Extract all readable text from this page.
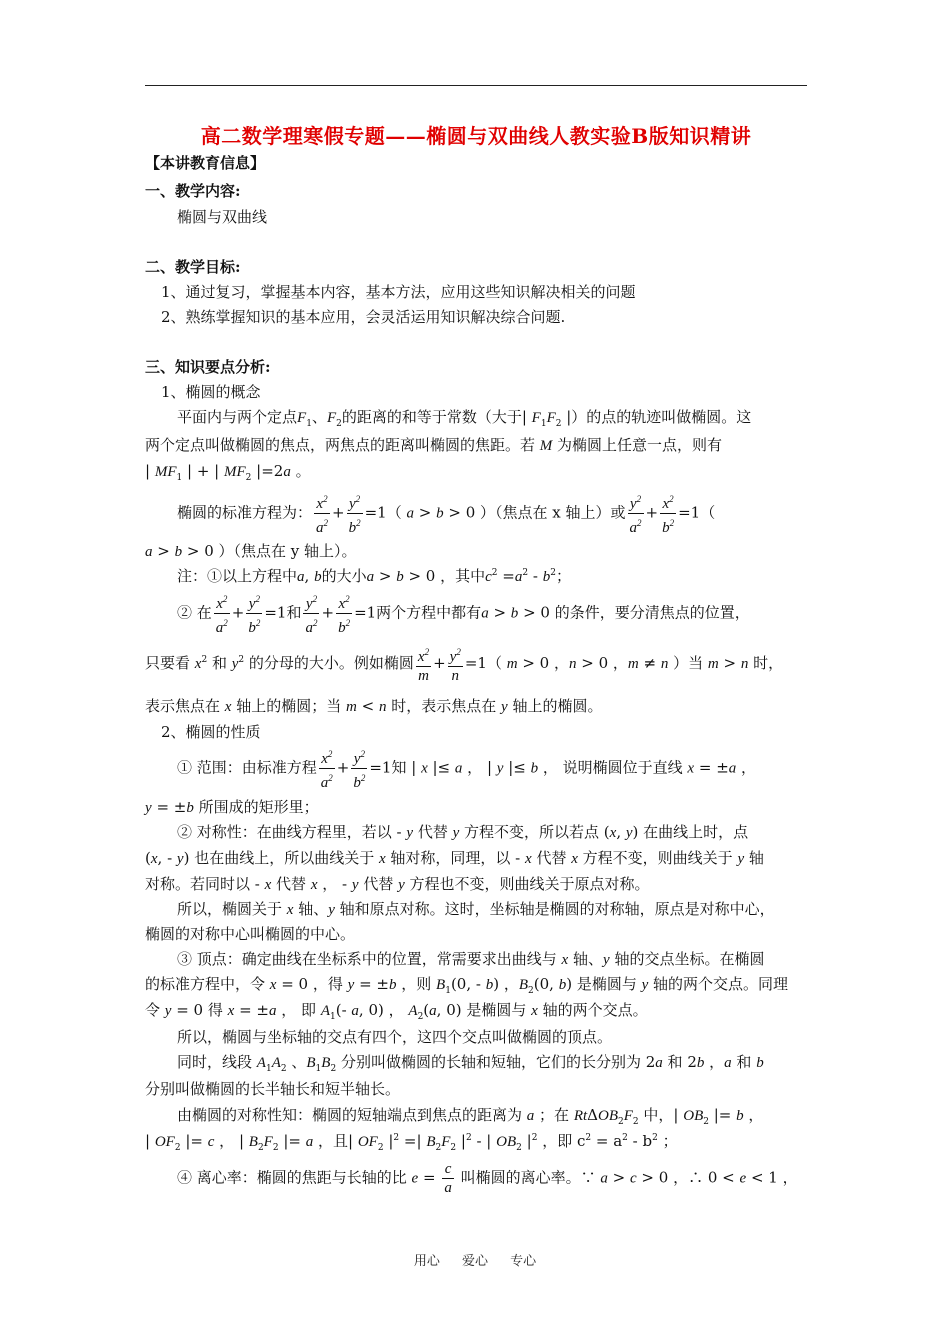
高二数学理寒假专题——椭圆与双曲线人教实验B版知识精讲
【本讲教育信息】
一、教学内容:
椭圆与双曲线
二、教学目标:
1、通过复习，掌握基本内容，基本方法，应用这些知识解决相关的问题
2、熟练掌握知识的基本应用，会灵活运用知识解决综合问题.
三、知识要点分析:
1、椭圆的概念
平面内与两个定点$F_1$、$F_2$的距离的和等于常数（大于| $F_1F_2$ |）的点的轨迹叫做椭圆。这
两个定点叫做椭圆的焦点，两焦点的距离叫椭圆的焦距。若 M 为椭圆上任意一点，则有
| $MF_1$ | + | $MF_2$ |=2a 。
椭圆的标准方程为： $\frac{x^2}{a^2} + \frac{y^2}{b^2} =1$（ a > b > 0 ）（焦点在 x 轴上）或 $\frac{y^2}{a^2} + \frac{x^2}{b^2} =1$（
a > b > 0 ）（焦点在 y 轴上）。
注：①以上方程中a, b的大小a > b > 0 ，其中$c^2 =a^2 - b^2$；
② 在 $\frac{x^2}{a^2} + \frac{y^2}{b^2} =1$和 $\frac{y^2}{a^2} + \frac{x^2}{b^2} =1$两个方程中都有a > b > 0 的条件，要分清焦点的位置，
只要看 $x^2$ 和 $y^2$ 的分母的大小。例如椭圆 $\frac{x^2}{m} + \frac{y^2}{n} =1$（ m > 0 ，n > 0 ，m ≠ n ）当 m > n 时，
表示焦点在 x 轴上的椭圆；当 m < n 时，表示焦点在 y 轴上的椭圆。
2、椭圆的性质
① 范围：由标准方程 $\frac{x^2}{a^2} + \frac{y^2}{b^2} =1$知 | x |≤ a ， | y |≤ b ， 说明椭圆位于直线 x = ±a ，
y = ±b 所围成的矩形里；
② 对称性：在曲线方程里，若以 - y 代替 y 方程不变，所以若点 (x, y) 在曲线上时，点
(x, - y) 也在曲线上，所以曲线关于 x 轴对称，同理，以 - x 代替 x 方程不变，则曲线关于 y 轴
对称。若同时以 - x 代替 x ， - y 代替 y 方程也不变，则曲线关于原点对称。
所以，椭圆关于 x 轴、y 轴和原点对称。这时，坐标轴是椭圆的对称轴，原点是对称中心，
椭圆的对称中心叫椭圆的中心。
③ 顶点：确定曲线在坐标系中的位置，常需要求出曲线与 x 轴、y 轴的交点坐标。在椭圆
的标准方程中，令 x = 0 ，得 y = ±b ，则 $B_1(0$, - b) ，$B_2(0$, b) 是椭圆与 y 轴的两个交点。同理
令 y = 0 得 x = ±a ， 即 $A_1(-$ a, 0) ， $A_2(a$, 0) 是椭圆与 x 轴的两个交点。
所以，椭圆与坐标轴的交点有四个，这四个交点叫做椭圆的顶点。
同时，线段 $A_1A_2$ 、$B_1B_2$ 分别叫做椭圆的长轴和短轴，它们的长分别为 2a 和 2b ，a 和 b
分别叫做椭圆的长半轴长和短半轴长。
由椭圆的对称性知：椭圆的短轴端点到焦点的距离为 a ；在 $Rt\Delta OB_2F_2$ 中，| $OB_2$ |= b ，
| $OF_2$ |= c ， | $B_2F_2$ |= a ，且| $OF_2$ $|^2$ =| $B_2F_2$ $|^2$ - | $OB_2$ $|^2$ ，即 $c^2 = a^2 - b^2$ ；
④ 离心率：椭圆的焦距与长轴的比 $e = \frac{c}{a}$ 叫椭圆的离心率。∵ a > c > 0 ，∴ 0 < e < 1 ，
用心 爱心 专心
